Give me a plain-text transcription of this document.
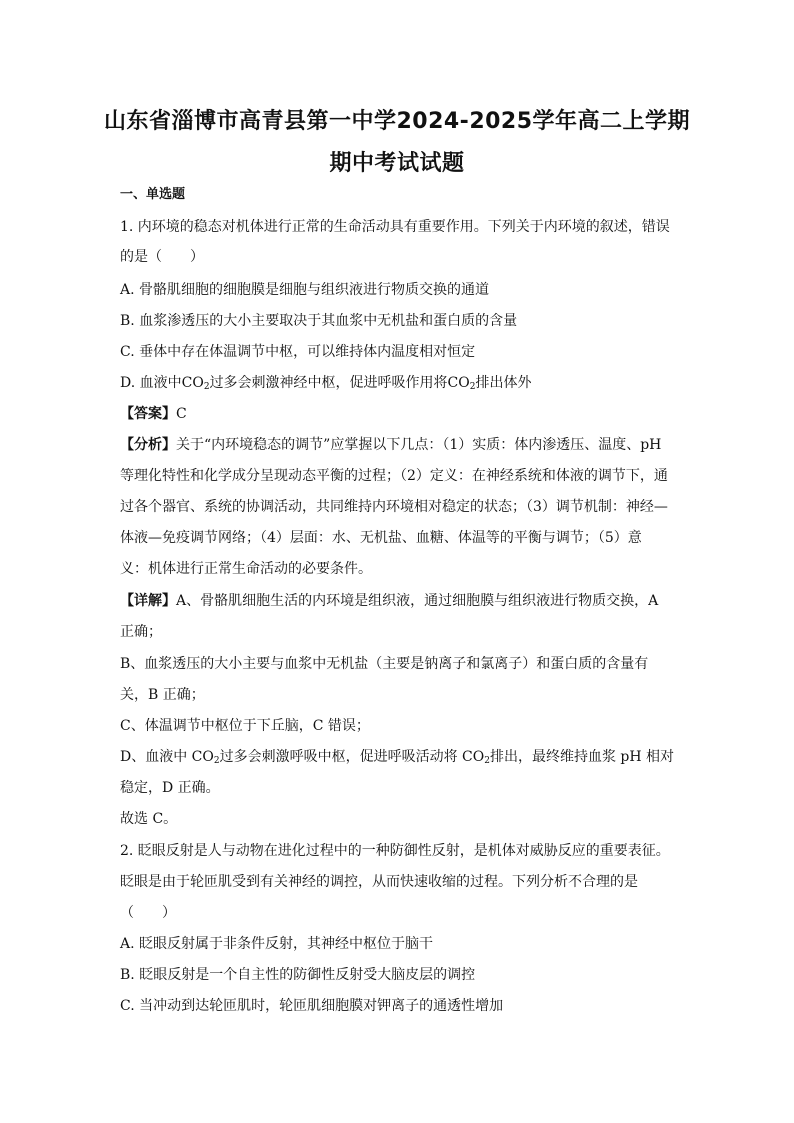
山东省淄博市高青县第一中学2024-2025学年高二上学期
期中考试试题
一、单选题
1. 内环境的稳态对机体进行正常的生命活动具有重要作用。下列关于内环境的叙述，错误
的是（　　）
A. 骨骼肌细胞的细胞膜是细胞与组织液进行物质交换的通道
B. 血浆渗透压的大小主要取决于其血浆中无机盐和蛋白质的含量
C. 垂体中存在体温调节中枢，可以维持体内温度相对恒定
D. 血液中$CO_2$过多会刺激神经中枢，促进呼吸作用将$CO_2$排出体外
【答案】C
【分析】关于“内环境稳态的调节”应掌握以下几点：（1）实质：体内渗透压、温度、pH
等理化特性和化学成分呈现动态平衡的过程；（2）定义：在神经系统和体液的调节下，通
过各个器官、系统的协调活动，共同维持内环境相对稳定的状态；（3）调节机制：神经—
体液—免疫调节网络；（4）层面：水、无机盐、血糖、体温等的平衡与调节；（5）意
义：机体进行正常生命活动的必要条件。
【详解】A、骨骼肌细胞生活的内环境是组织液，通过细胞膜与组织液进行物质交换，A
正确；
B、血浆透压的大小主要与血浆中无机盐（主要是钠离子和氯离子）和蛋白质的含量有
关，B 正确；
C、体温调节中枢位于下丘脑，C 错误；
D、血液中 $CO_2$过多会刺激呼吸中枢，促进呼吸活动将 $CO_2$排出，最终维持血浆 pH 相对
稳定，D 正确。
故选 C。
2. 眨眼反射是人与动物在进化过程中的一种防御性反射，是机体对威胁反应的重要表征。
眨眼是由于轮匝肌受到有关神经的调控，从而快速收缩的过程。下列分析不合理的是
（　　）
A. 眨眼反射属于非条件反射，其神经中枢位于脑干
B. 眨眼反射是一个自主性的防御性反射受大脑皮层的调控
C. 当冲动到达轮匝肌时，轮匝肌细胞膜对钾离子的通透性增加
